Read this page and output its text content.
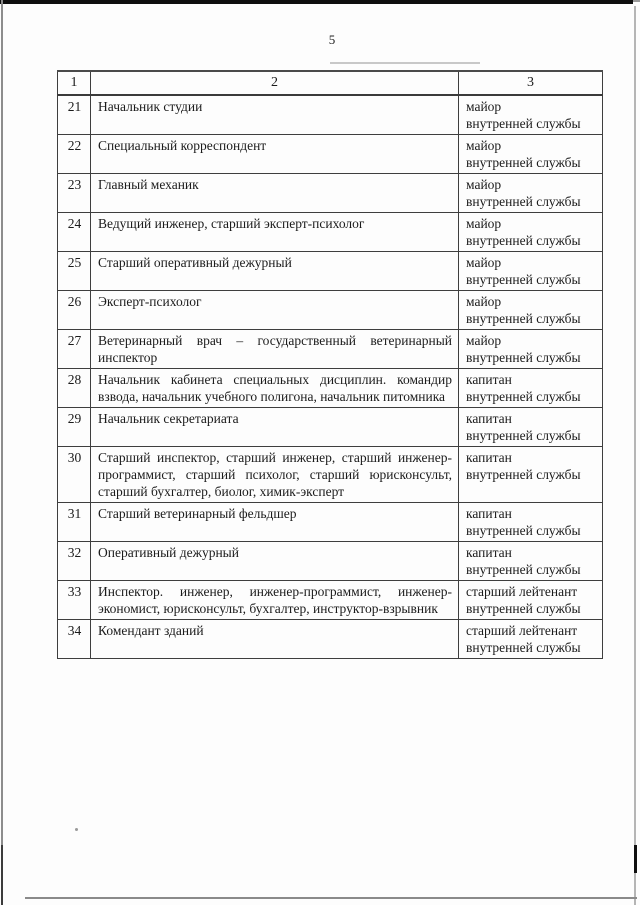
5
1	2	3
21	Начальник студии	майор
внутренней службы

22	Специальный корреспондент	майор
внутренней службы

23	Главный механик	майор
внутренней службы

24	Ведущий инженер, старший эксперт-психолог	майор
внутренней службы

25	Старший оперативный дежурный	майор
внутренней службы

26	Эксперт-психолог	майор
внутренней службы

27	Ветеринарный врач – государственный ветеринарный инспектор	майор
внутренней службы

28	Начальник кабинета специальных дисциплин. командир взвода, начальник учебного полигона, начальник питомника	капитан
внутренней службы

29	Начальник секретариата	капитан
внутренней службы

30	Старший инспектор, старший инженер, старший инженер-программист, старший психолог, старший юрисконсульт, старший бухгалтер, биолог, химик-эксперт	капитан
внутренней службы

31	Старший ветеринарный фельдшер	капитан
внутренней службы

32	Оперативный дежурный	капитан
внутренней службы

33	Инспектор. инженер, инженер-программист, инженер-экономист, юрисконсульт, бухгалтер, инструктор-взрывник	старший лейтенант
внутренней службы

34	Комендант зданий	старший лейтенант
внутренней службы
